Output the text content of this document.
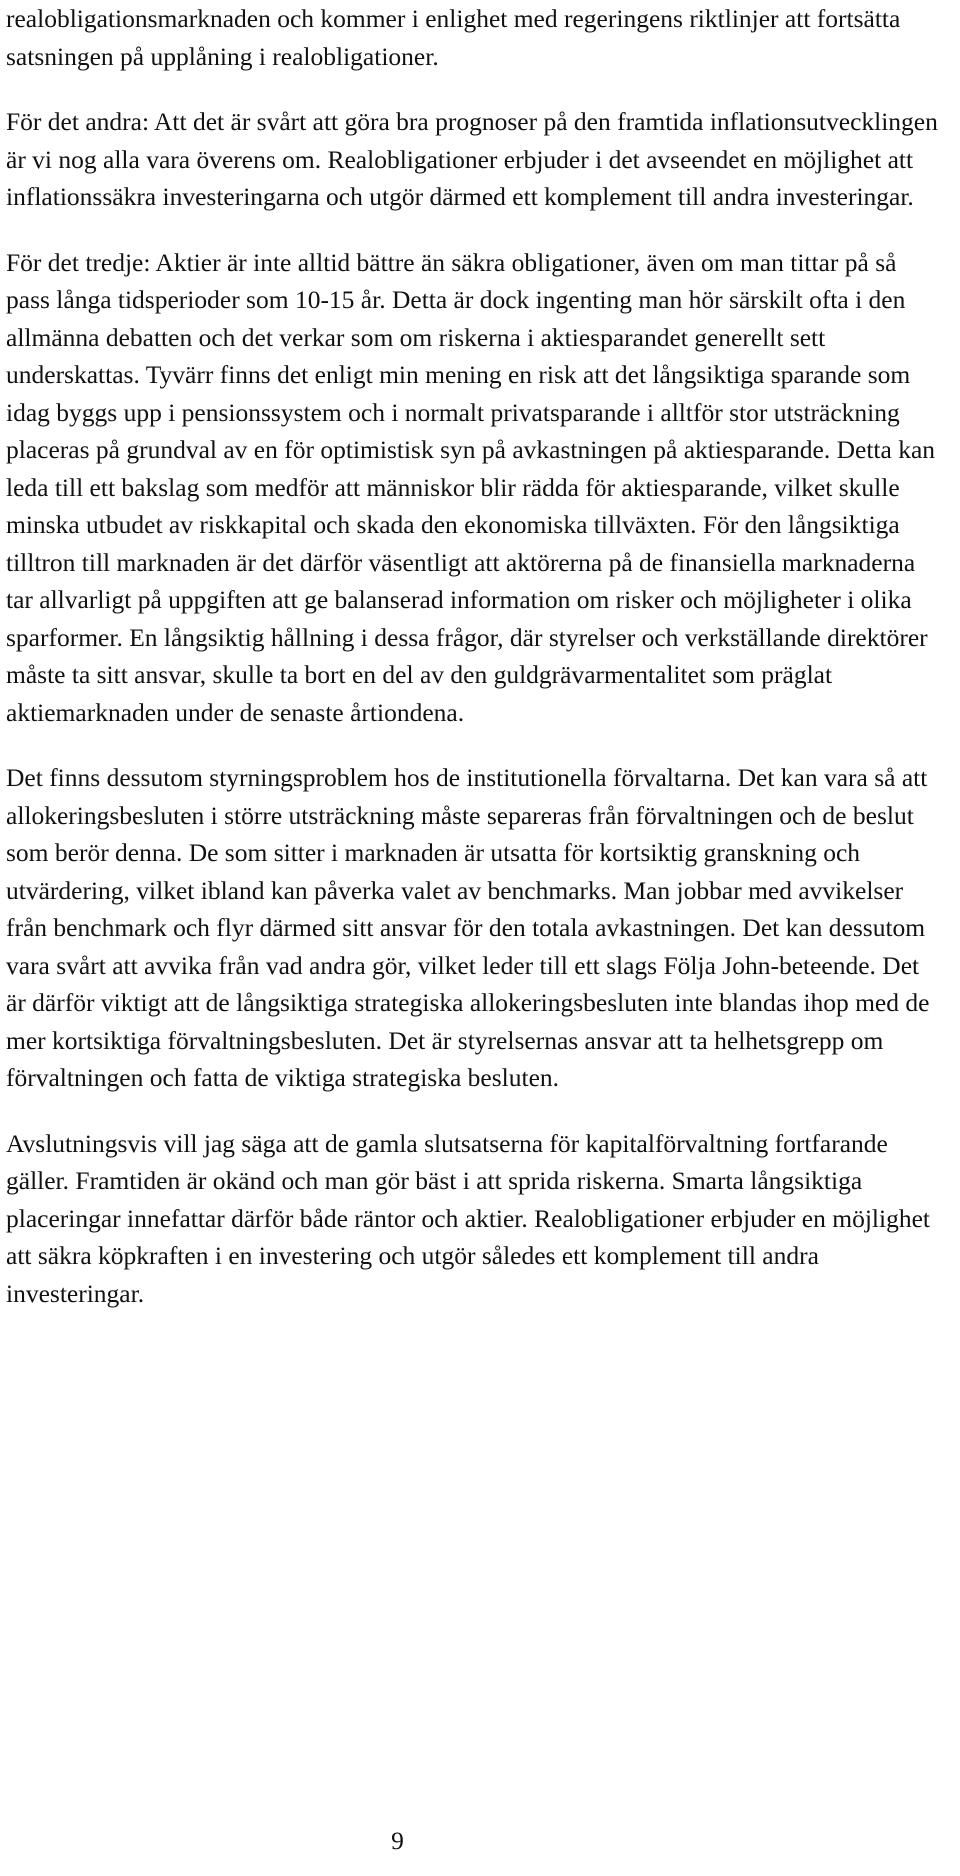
realobligationsmarknaden och kommer i enlighet med regeringens riktlinjer att fortsätta satsningen på upplåning i realobligationer.

För det andra: Att det är svårt att göra bra prognoser på den framtida inflationsutvecklingen är vi nog alla vara överens om. Realobligationer erbjuder i det avseendet en möjlighet att inflationssäkra investeringarna och utgör därmed ett komplement till andra investeringar.

För det tredje: Aktier är inte alltid bättre än säkra obligationer, även om man tittar på så pass långa tidsperioder som 10-15 år. Detta är dock ingenting man hör särskilt ofta i den allmänna debatten och det verkar som om riskerna i aktiesparandet generellt sett underskattas. Tyvärr finns det enligt min mening en risk att det långsiktiga sparande som idag byggs upp i pensionssystem och i normalt privatsparande i alltför stor utsträckning placeras på grundval av en för optimistisk syn på avkastningen på aktiesparande. Detta kan leda till ett bakslag som medför att människor blir rädda för aktiesparande, vilket skulle minska utbudet av riskkapital och skada den ekonomiska tillväxten. För den långsiktiga tilltron till marknaden är det därför väsentligt att aktörerna på de finansiella marknaderna tar allvarligt på uppgiften att ge balanserad information om risker och möjligheter i olika sparformer. En långsiktig hållning i dessa frågor, där styrelser och verkställande direktörer måste ta sitt ansvar, skulle ta bort en del av den guldgrävarmentalitet som präglat aktiemarknaden under de senaste årtiondena.

Det finns dessutom styrningsproblem hos de institutionella förvaltarna. Det kan vara så att allokeringsbesluten i större utsträckning måste separeras från förvaltningen och de beslut som berör denna. De som sitter i marknaden är utsatta för kortsiktig granskning och utvärdering, vilket ibland kan påverka valet av benchmarks. Man jobbar med avvikelser från benchmark och flyr därmed sitt ansvar för den totala avkastningen. Det kan dessutom vara svårt att avvika från vad andra gör, vilket leder till ett slags Följa John-beteende. Det är därför viktigt att de långsiktiga strategiska allokeringsbesluten inte blandas ihop med de mer kortsiktiga förvaltningsbesluten. Det är styrelsernas ansvar att ta helhetsgrepp om förvaltningen och fatta de viktiga strategiska besluten.

Avslutningsvis vill jag säga att de gamla slutsatserna för kapitalförvaltning fortfarande gäller. Framtiden är okänd och man gör bäst i att sprida riskerna. Smarta långsiktiga placeringar innefattar därför både räntor och aktier. Realobligationer erbjuder en möjlighet att säkra köpkraften i en investering och utgör således ett komplement till andra investeringar.

9
